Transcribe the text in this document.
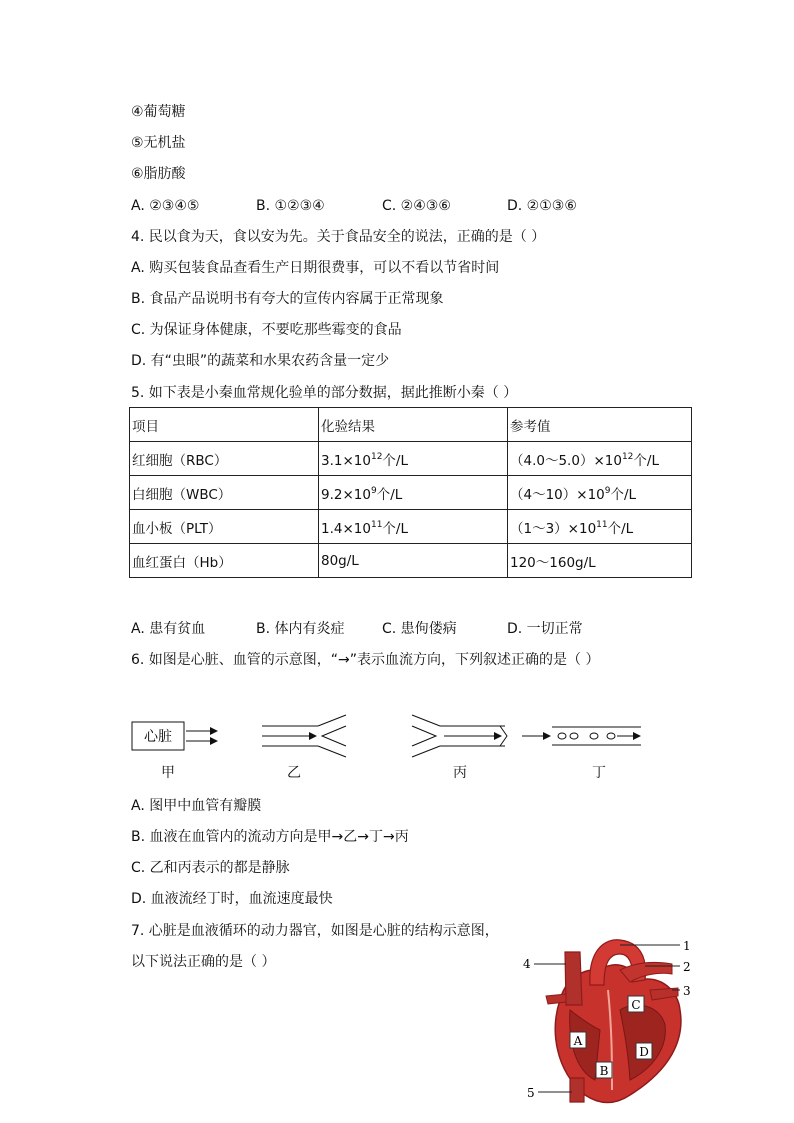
④葡萄糖
⑤无机盐
⑥脂肪酸
A. ②③④⑤	B. ①②③④	C. ②④③⑥	D. ②①③⑥
4. 民以食为天，食以安为先。关于食品安全的说法，正确的是（ ）
A. 购买包装食品查看生产日期很费事，可以不看以节省时间
B. 食品产品说明书有夸大的宣传内容属于正常现象
C. 为保证身体健康，不要吃那些霉变的食品
D. 有“虫眼”的蔬菜和水果农药含量一定少
5. 如下表是小秦血常规化验单的部分数据，据此推断小秦（ ）
项目	化验结果	参考值
红细胞（RBC）	$3.1\times 10^{12}$个/L	$(4.0\sim 5.0)\times 10^{12}$个/L
白细胞（WBC）	$9.2\times 10^9$个/L	$(4\sim 10)\times 10^9$个/L
血小板（PLT）	$1.4\times 10^{11}$个/L	$(1\sim 3)\times 10^{11}$个/L
血红蛋白（Hb）	80g/L	120～160g/L
A. 患有贫血	B. 体内有炎症	C. 患佝偻病	D. 一切正常
6. 如图是心脏、血管的示意图，“→”表示血流方向，下列叙述正确的是（ ）
心脏
甲	乙	丙	丁
A. 图甲中血管有瓣膜
B. 血液在血管内的流动方向是甲→乙→丁→丙
C. 乙和丙表示的都是静脉
D. 血液流经丁时，血流速度最快
7. 心脏是血液循环的动力器官，如图是心脏的结构示意图，
以下说法正确的是（ ）
A
B
C
D
1
2
3
4
5
